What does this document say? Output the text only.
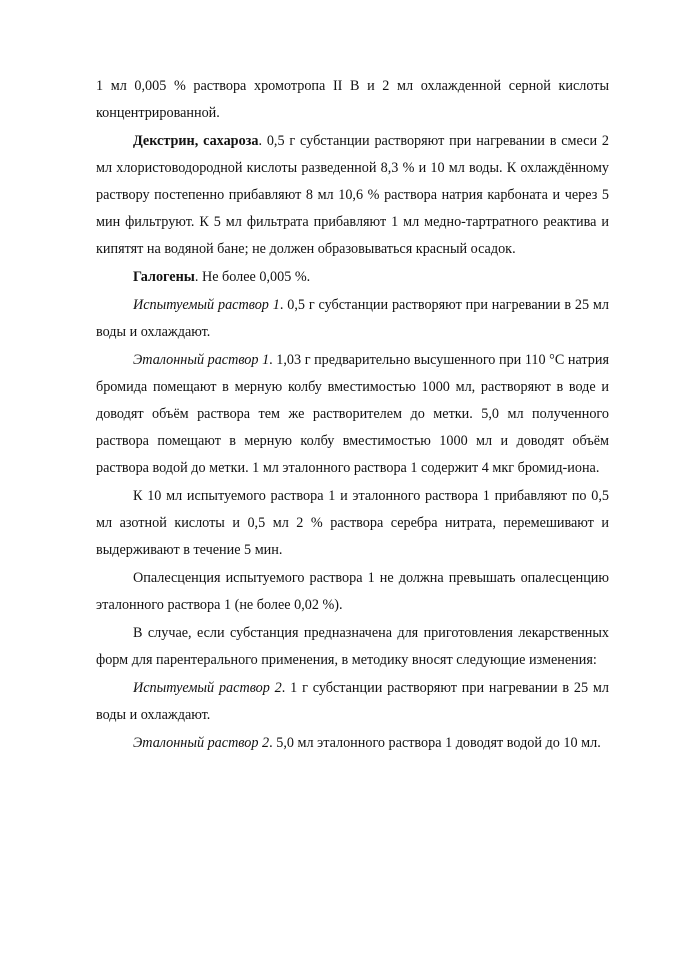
1 мл 0,005 % раствора хромотропа II В и 2 мл охлажденной серной кислоты концентрированной.

Декстрин, сахароза. 0,5 г субстанции растворяют при нагревании в смеси 2 мл хлористоводородной кислоты разведенной 8,3 % и 10 мл воды. К охлаждённому раствору постепенно прибавляют 8 мл 10,6 % раствора натрия карбоната и через 5 мин фильтруют. К 5 мл фильтрата прибавляют 1 мл медно-тартратного реактива и кипятят на водяной бане; не должен образовываться красный осадок.

Галогены. Не более 0,005 %.

Испытуемый раствор 1. 0,5 г субстанции растворяют при нагревании в 25 мл воды и охлаждают.

Эталонный раствор 1. 1,03 г предварительно высушенного при 110 °С натрия бромида помещают в мерную колбу вместимостью 1000 мл, растворяют в воде и доводят объём раствора тем же растворителем до метки. 5,0 мл полученного раствора помещают в мерную колбу вместимостью 1000 мл и доводят объём раствора водой до метки. 1 мл эталонного раствора 1 содержит 4 мкг бромид-иона.

К 10 мл испытуемого раствора 1 и эталонного раствора 1 прибавляют по 0,5 мл азотной кислоты и 0,5 мл 2 % раствора серебра нитрата, перемешивают и выдерживают в течение 5 мин.

Опалесценция испытуемого раствора 1 не должна превышать опалесценцию эталонного раствора 1 (не более 0,02 %).

В случае, если субстанция предназначена для приготовления лекарственных форм для парентерального применения, в методику вносят следующие изменения:

Испытуемый раствор 2. 1 г субстанции растворяют при нагревании в 25 мл воды и охлаждают.

Эталонный раствор 2. 5,0 мл эталонного раствора 1 доводят водой до 10 мл.
